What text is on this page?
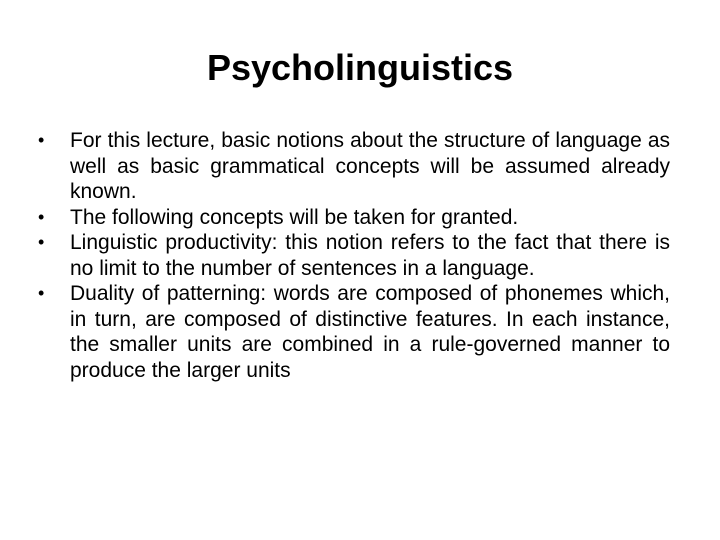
Psycholinguistics
•	For this lecture, basic notions about the structure of language as well as basic grammatical concepts will be assumed already known.
•	The following concepts will be taken for granted.
•	Linguistic productivity: this notion refers to the fact that there is no limit to the number of sentences in a language.
•	Duality of patterning: words are composed of phonemes which, in turn, are composed of distinctive features. In each instance, the smaller units are combined in a rule-governed manner to produce the larger units
